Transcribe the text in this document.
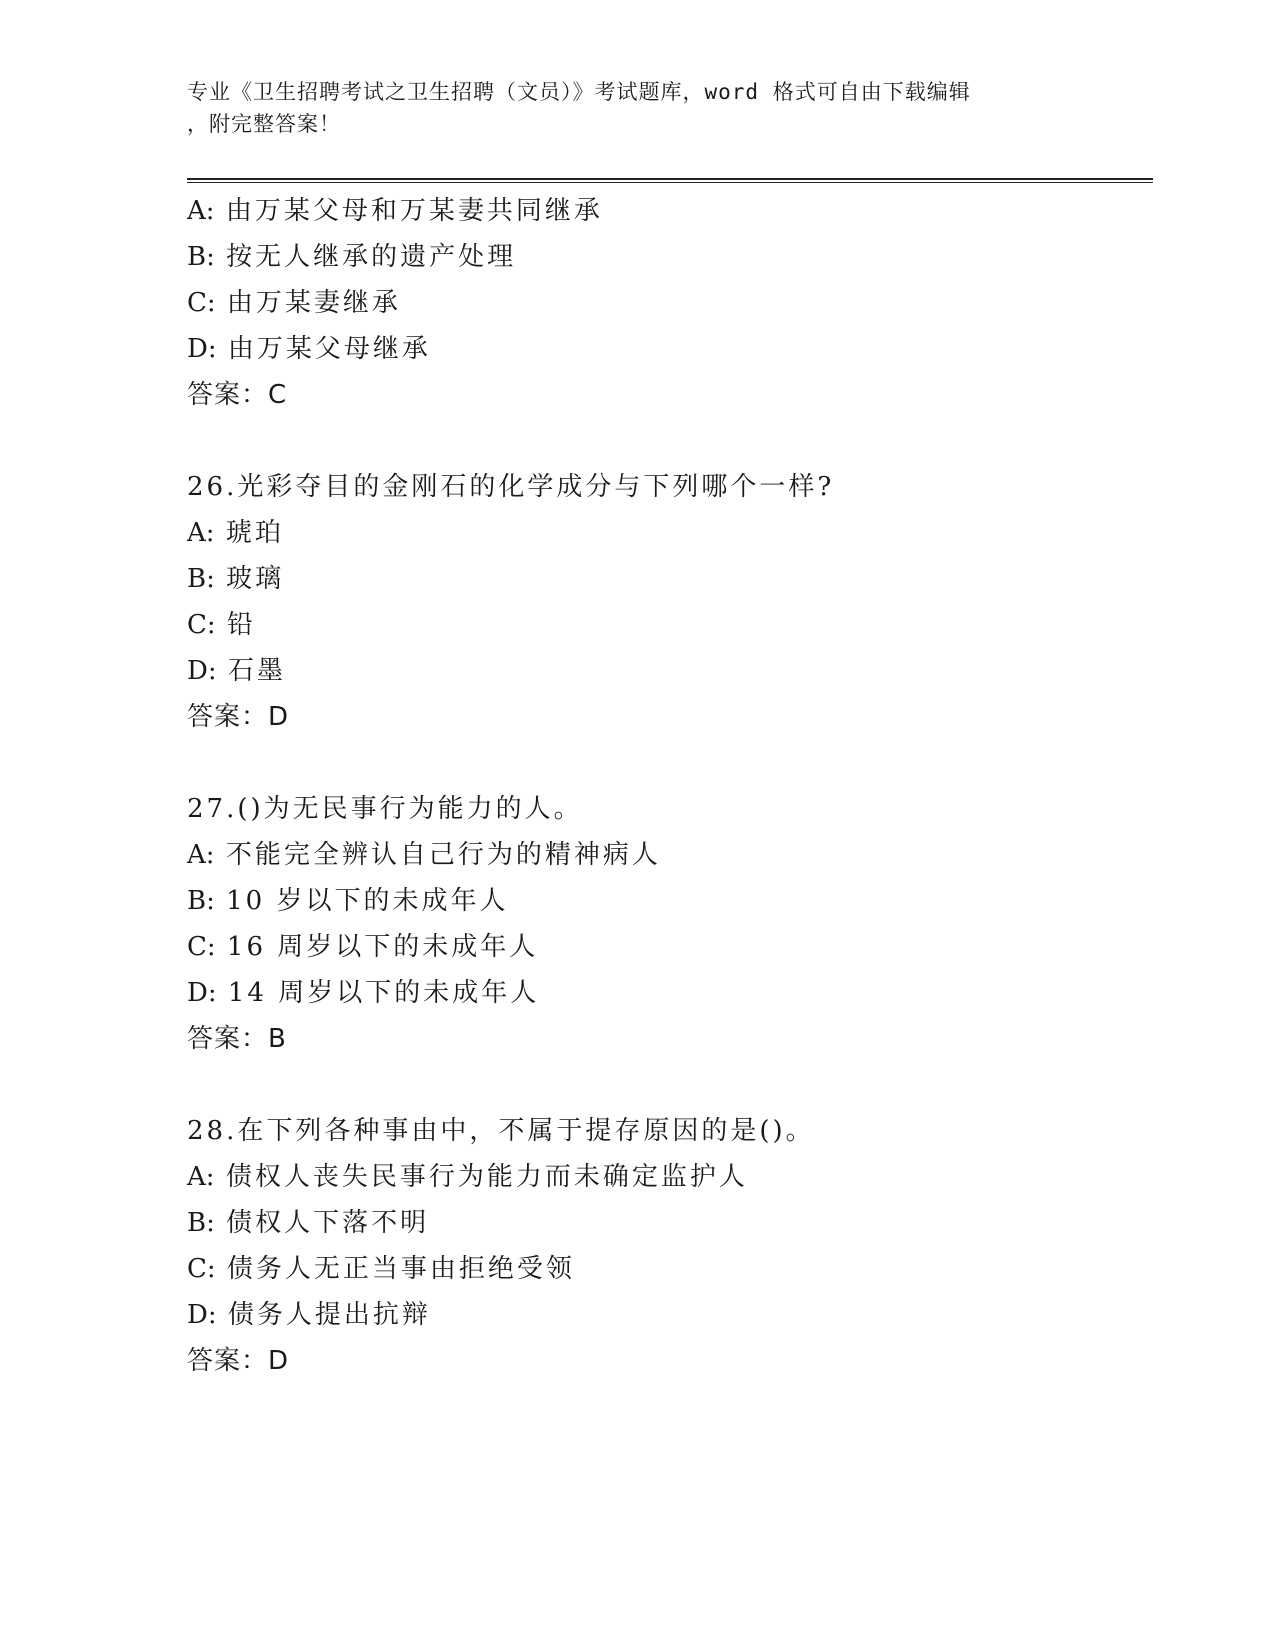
专业《卫生招聘考试之卫生招聘（文员）》考试题库，word 格式可自由下载编辑
，附完整答案！
A: 由万某父母和万某妻共同继承
B: 按无人继承的遗产处理
C: 由万某妻继承
D: 由万某父母继承
答案：C
26.光彩夺目的金刚石的化学成分与下列哪个一样?
A: 琥珀
B: 玻璃
C: 铅
D: 石墨
答案：D
27.()为无民事行为能力的人。
A: 不能完全辨认自己行为的精神病人
B: 10 岁以下的未成年人
C: 16 周岁以下的未成年人
D: 14 周岁以下的未成年人
答案：B
28.在下列各种事由中，不属于提存原因的是()。
A: 债权人丧失民事行为能力而未确定监护人
B: 债权人下落不明
C: 债务人无正当事由拒绝受领
D: 债务人提出抗辩
答案：D
